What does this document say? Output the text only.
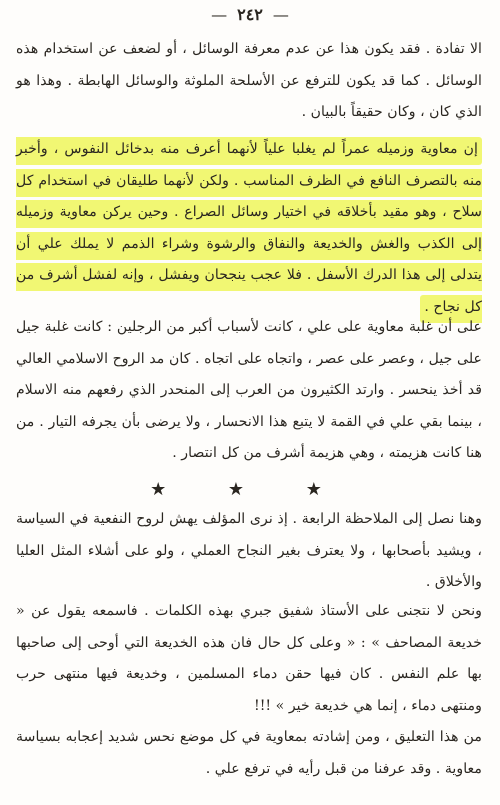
—
٢٤٢
—

الا تفادة . فقد يكون هذا عن عدم معرفة الوسائل ، أو لضعف عن استخدام هذه الوسائل . كما قد يكون للترفع عن الأسلحة الملوثة والوسائل الهابطة . وهذا هو الذي كان ، وكان حقيقاً بالبيان .

إن معاوية وزميله عمراً لم يغلبا علياً لأنهما أعرف منه بدخائل النفوس ، وأخبر منه بالتصرف النافع في الظرف المناسب . ولكن لأنهما طليقان في استخدام كل سلاح ، وهو مقيد بأخلاقه في اختيار وسائل الصراع . وحين يركن معاوية وزميله إلى الكذب والغش والخديعة والنفاق والرشوة وشراء الذمم لا يملك علي أن يتدلى إلى هذا الدرك الأسفل . فلا عجب ينجحان ويفشل ، وإنه لفشل أشرف من كل نجاح .

على أن غلبة معاوية على علي ، كانت لأسباب أكبر من الرجلين : كانت غلبة جيل على جيل ، وعصر على عصر ، واتجاه على اتجاه . كان مد الروح الاسلامي العالي قد أخذ ينحسر . وارتد الكثيرون من العرب إلى المنحدر الذي رفعهم منه الاسلام ، بينما بقي علي في القمة لا يتبع هذا الانحسار ، ولا يرضى بأن يجرفه التيار . من هنا كانت هزيمته ، وهي هزيمة أشرف من كل انتصار .

★ ★ ★

وهنا نصل إلى الملاحظة الرابعة . إذ نرى المؤلف يهش لروح النفعية في السياسة ، ويشيد بأصحابها ، ولا يعترف بغير النجاح العملي ، ولو على أشلاء المثل العليا والأخلاق .

ونحن لا نتجنى على الأستاذ شفيق جبري بهذه الكلمات . فاسمعه يقول عن « خديعة المصاحف » : « وعلى كل حال فان هذه الخديعة التي أوحى إلى صاحبها بها علم النفس . كان فيها حقن دماء المسلمين ، وخديعة فيها منتهى حرب ومنتهى دماء ، إنما هي خديعة خير » !!!

من هذا التعليق ، ومن إشادته بمعاوية في كل موضع نحس شديد إعجابه بسياسة معاوية . وقد عرفنا من قبل رأيه في ترفع علي .
